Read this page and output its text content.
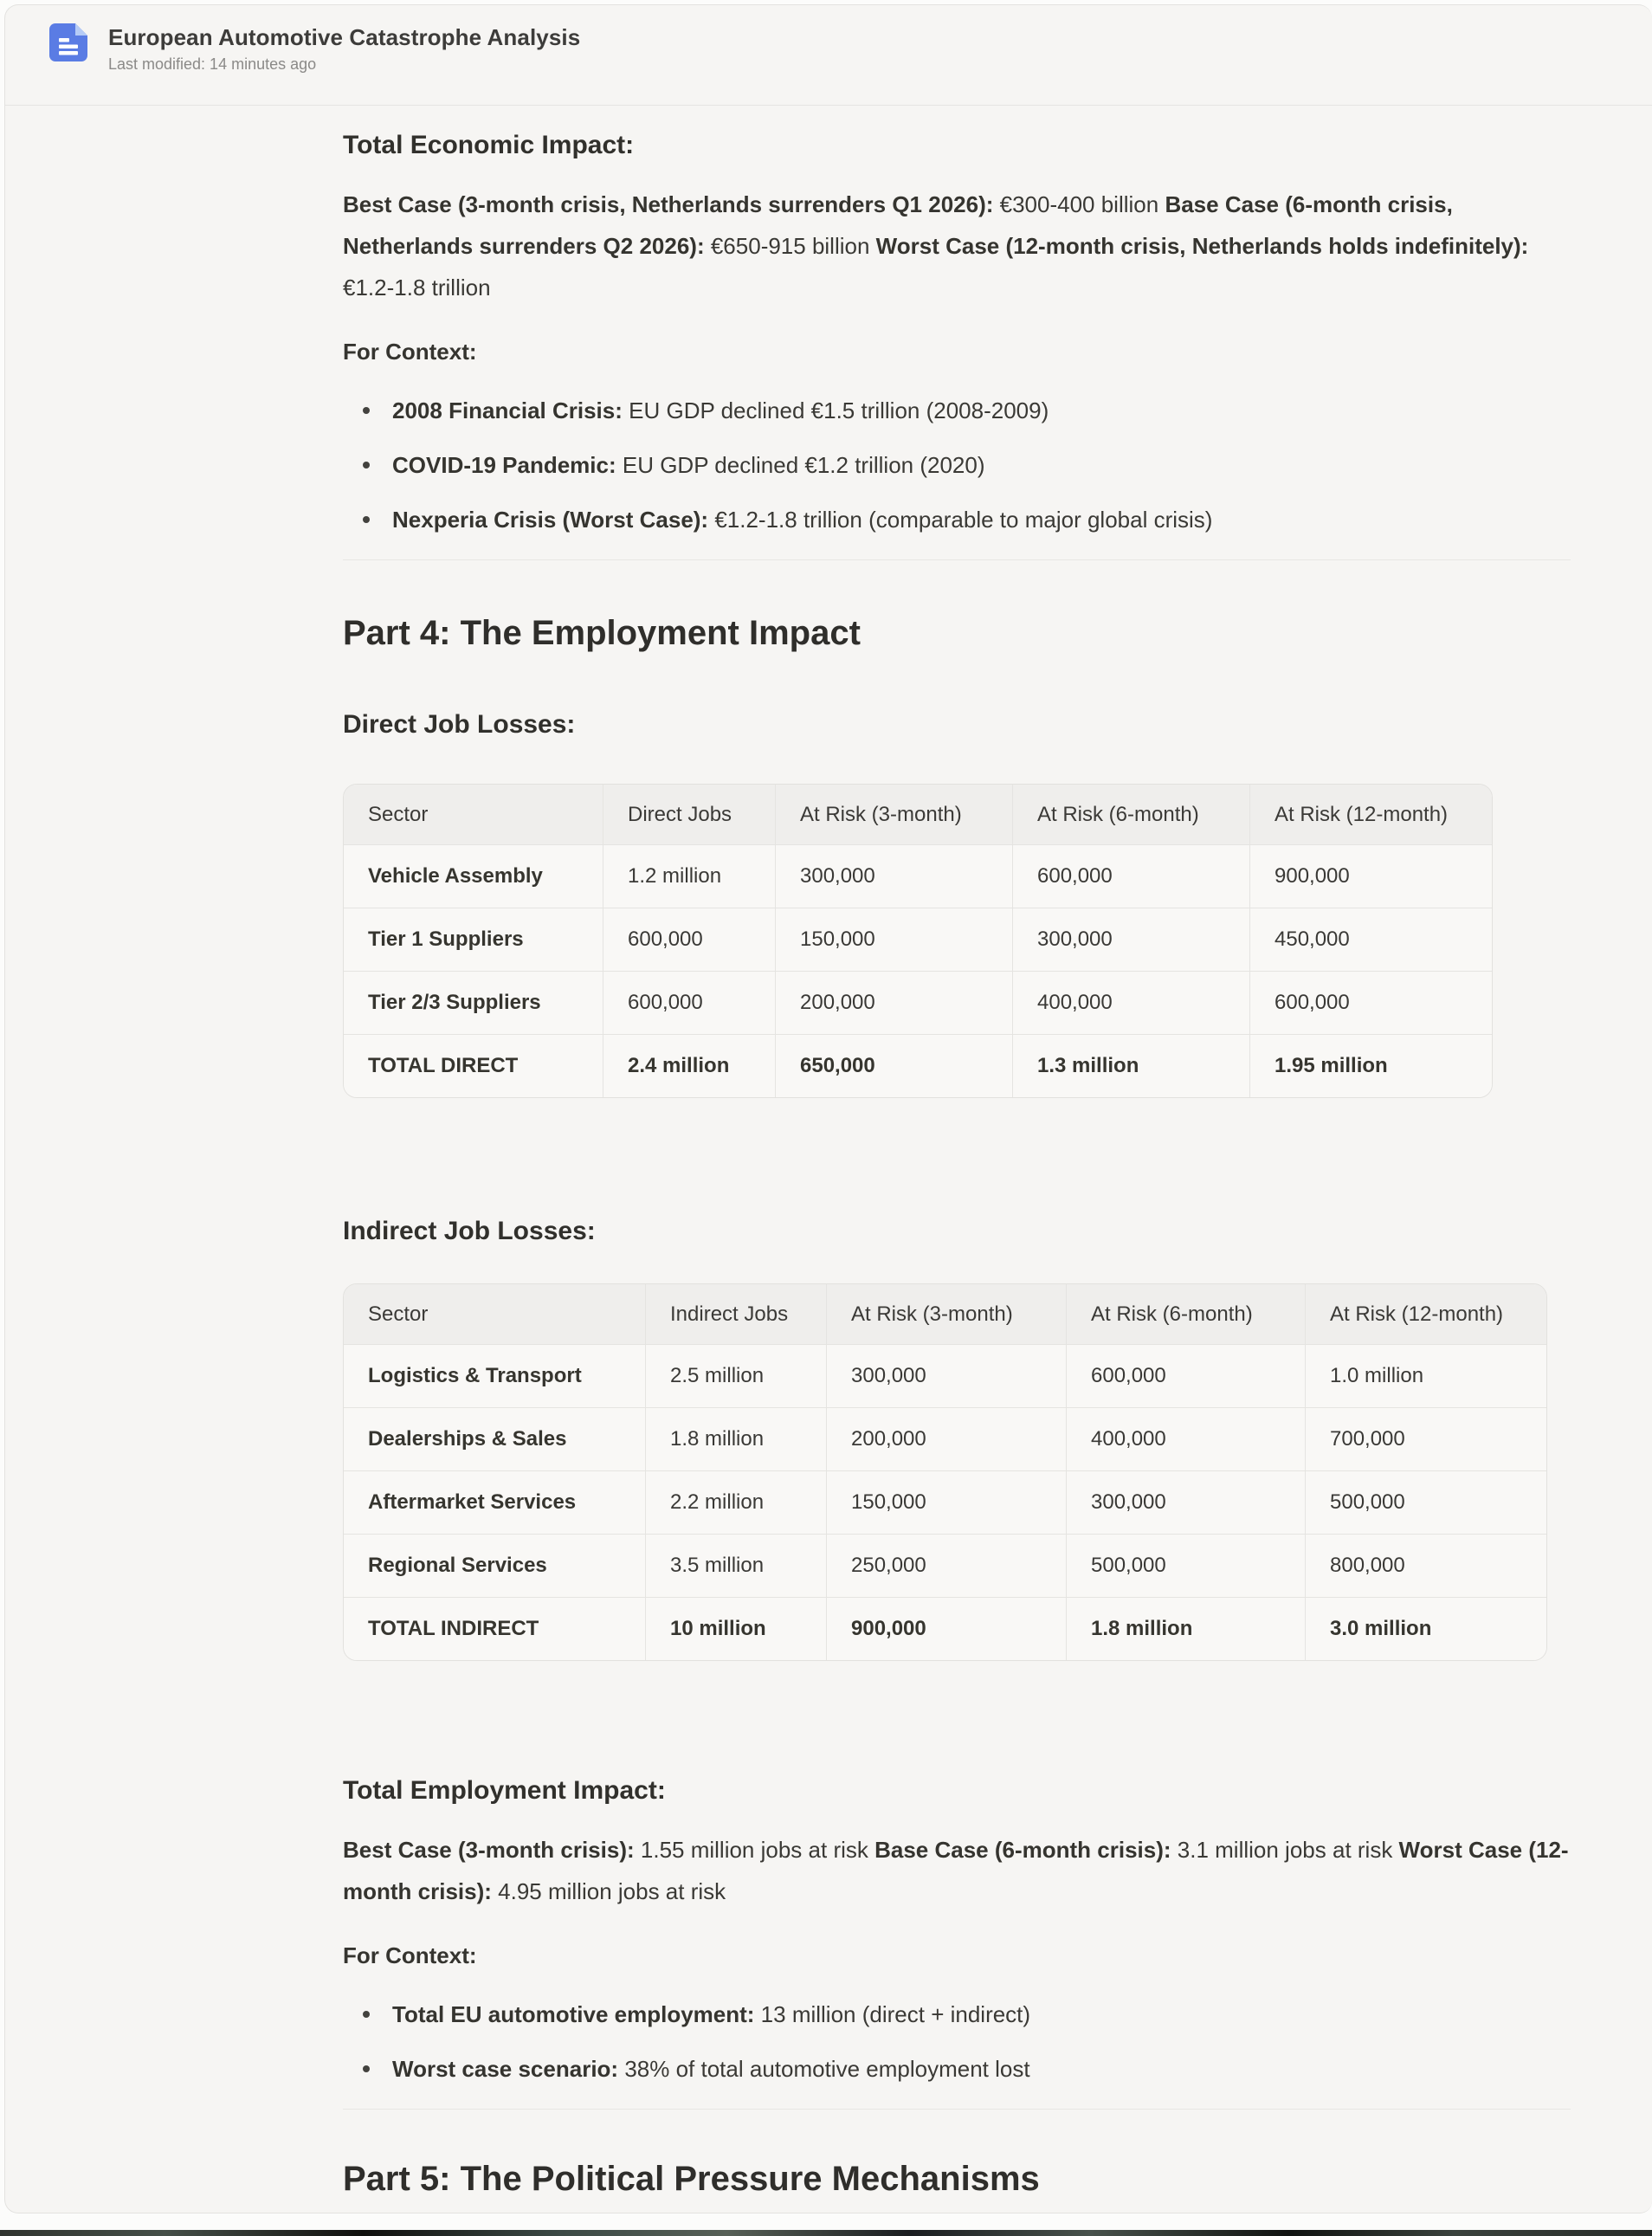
European Automotive Catastrophe Analysis
Last modified: 14 minutes ago
Total Economic Impact:

Best Case (3-month crisis, Netherlands surrenders Q1 2026): €300-400 billion Base Case (6-month crisis, Netherlands surrenders Q2 2026): €650-915 billion Worst Case (12-month crisis, Netherlands holds indefinitely): €1.2-1.8 trillion

For Context:

2008 Financial Crisis: EU GDP declined €1.5 trillion (2008-2009)
COVID-19 Pandemic: EU GDP declined €1.2 trillion (2020)
Nexperia Crisis (Worst Case): €1.2-1.8 trillion (comparable to major global crisis)
Part 4: The Employment Impact
Direct Job Losses:
Sector	Direct Jobs	At Risk (3-month)	At Risk (6-month)	At Risk (12-month)
Vehicle Assembly	1.2 million	300,000	600,000	900,000
Tier 1 Suppliers	600,000	150,000	300,000	450,000
Tier 2/3 Suppliers	600,000	200,000	400,000	600,000
TOTAL DIRECT	2.4 million	650,000	1.3 million	1.95 million
Indirect Job Losses:
Sector	Indirect Jobs	At Risk (3-month)	At Risk (6-month)	At Risk (12-month)
Logistics & Transport	2.5 million	300,000	600,000	1.0 million
Dealerships & Sales	1.8 million	200,000	400,000	700,000
Aftermarket Services	2.2 million	150,000	300,000	500,000
Regional Services	3.5 million	250,000	500,000	800,000
TOTAL INDIRECT	10 million	900,000	1.8 million	3.0 million
Total Employment Impact:

Best Case (3-month crisis): 1.55 million jobs at risk Base Case (6-month crisis): 3.1 million jobs at risk Worst Case (12-month crisis): 4.95 million jobs at risk

For Context:

Total EU automotive employment: 13 million (direct + indirect)
Worst case scenario: 38% of total automotive employment lost
Part 5: The Political Pressure Mechanisms
